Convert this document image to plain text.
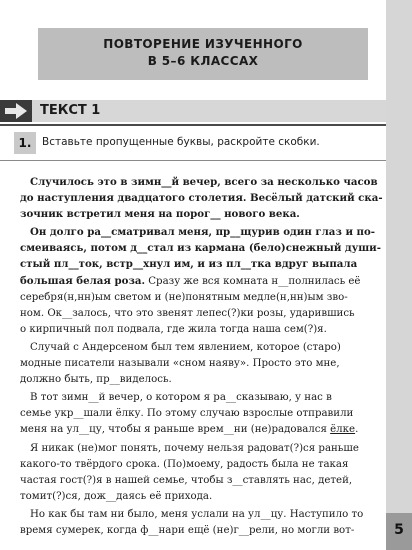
ПОВТОРЕНИЕ ИЗУЧЕННОГО
В 5–6 КЛАССАХ
ТЕКСТ 1
1.	Вставьте пропущенные буквы, раскройте скобки.

Случилось это в зимн__й вечер, всего за несколько часов
до наступления двадцатого столетия. Весёлый датский ска-
зочник встретил меня на порог__ нового века.

Он долго ра__сматривал меня, пр__щурив один глаз и по-
смеиваясь, потом д__стал из кармана (бело)снежный души-
стый пл__ток, встр__хнул им, и из пл__тка вдруг выпала
большая белая роза. Сразу же вся комната н__полнилась её
серебря(н,нн)ым светом и (не)понятным медле(н,нн)ым зво-
ном. Ок__залось, что это звенят лепес(?)ки розы, ударившись
о кирпичный пол подвала, где жила тогда наша сем(?)я.

Случай с Андерсеном был тем явлением, которое (старо)
модные писатели называли «сном наяву». Просто это мне,
должно быть, пр__виделось.

В тот зимн__й вечер, о котором я ра__сказываю, у нас в
семье укр__шали ёлку. По этому случаю взрослые отправили
меня на ул__цу, чтобы я раньше врем__ни (не)радовался ёлке.

Я никак (не)мог понять, почему нельзя радоват(?)ся раньше
какого-то твёрдого срока. (По)моему, радость была не такая
частая гост(?)я в нашей семье, чтобы з__ставлять нас, детей,
томит(?)ся, дож__даясь её прихода.

Но как бы там ни было, меня услали на ул__цу. Наступило то
время сумерек, когда ф__нари ещё (не)г__рели, но могли вот-	5
